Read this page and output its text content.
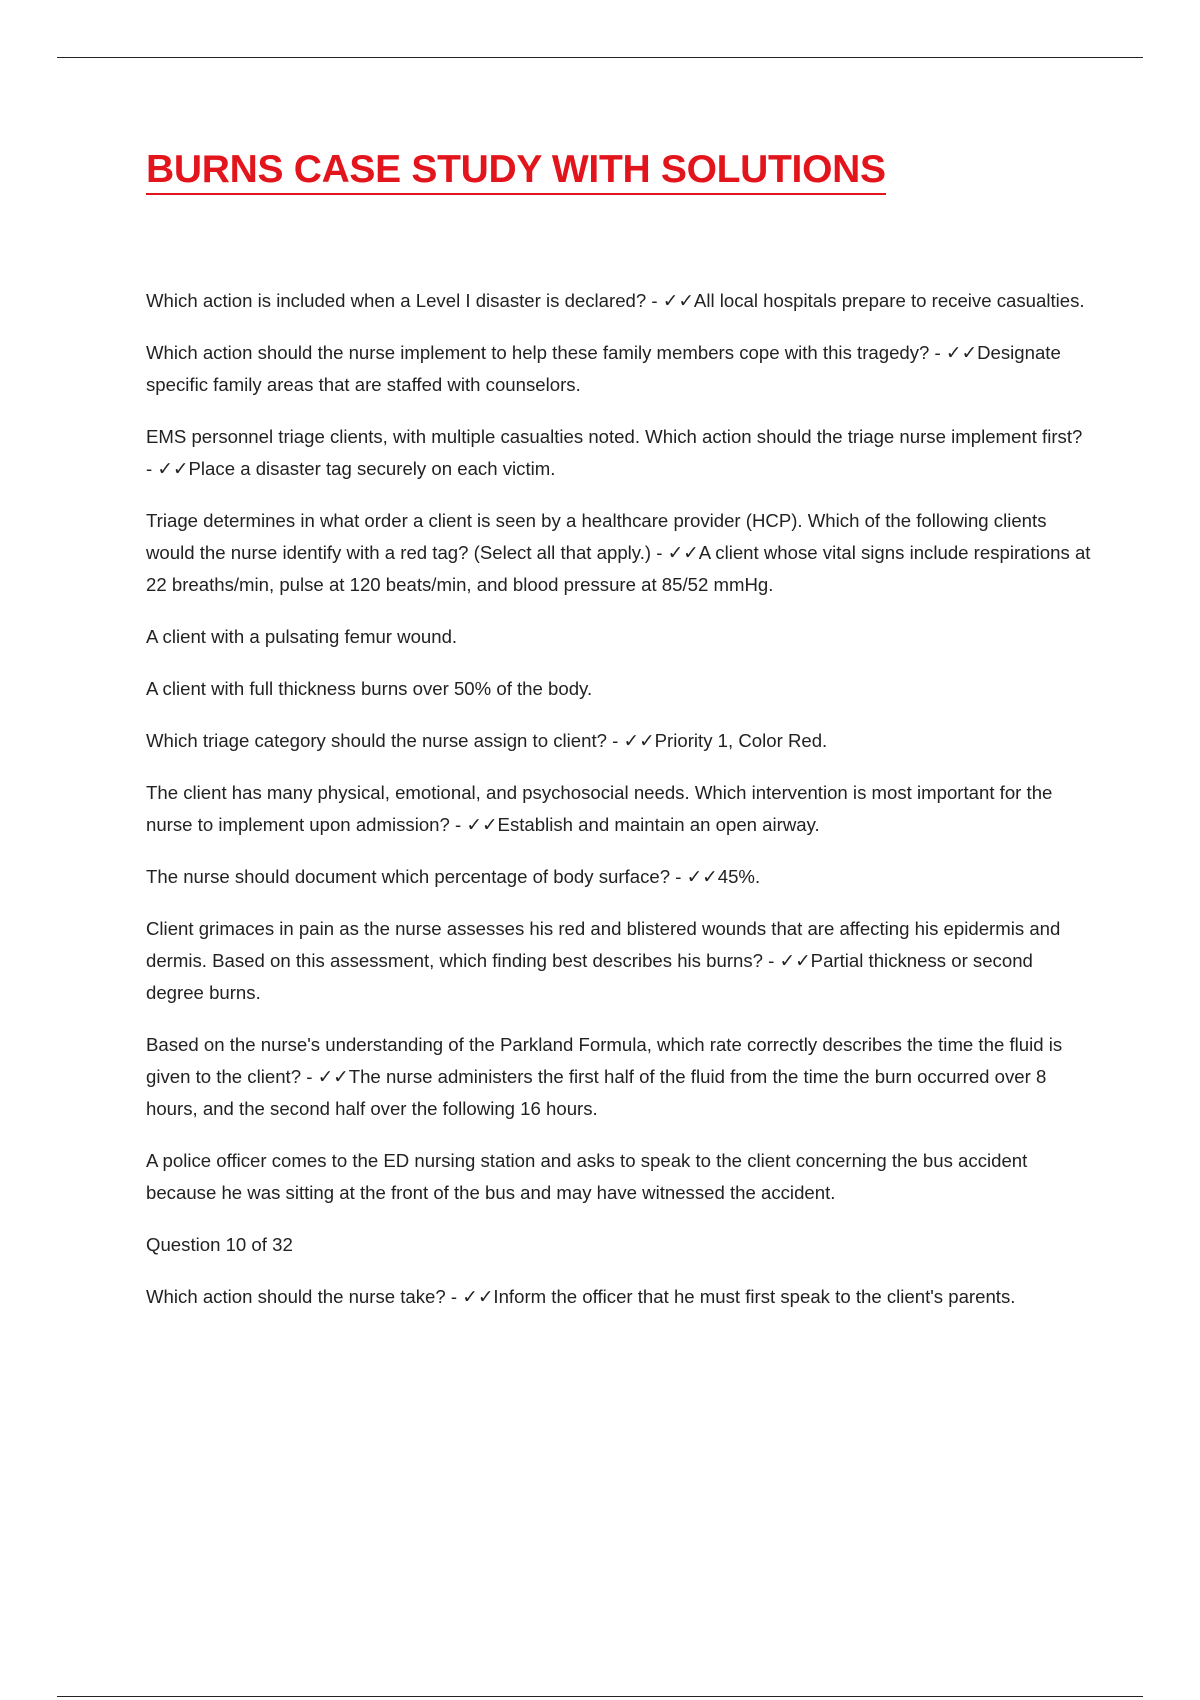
BURNS CASE STUDY WITH SOLUTIONS

Which action is included when a Level I disaster is declared? - ✓✓All local hospitals prepare to receive casualties.

Which action should the nurse implement to help these family members cope with this tragedy? - ✓✓Designate specific family areas that are staffed with counselors.

EMS personnel triage clients, with multiple casualties noted. Which action should the triage nurse implement first? - ✓✓Place a disaster tag securely on each victim.

Triage determines in what order a client is seen by a healthcare provider (HCP). Which of the following clients would the nurse identify with a red tag? (Select all that apply.) - ✓✓A client whose vital signs include respirations at 22 breaths/min, pulse at 120 beats/min, and blood pressure at 85/52 mmHg.

A client with a pulsating femur wound.

A client with full thickness burns over 50% of the body.

Which triage category should the nurse assign to client? - ✓✓Priority 1, Color Red.

The client has many physical, emotional, and psychosocial needs. Which intervention is most important for the nurse to implement upon admission? - ✓✓Establish and maintain an open airway.

The nurse should document which percentage of body surface? - ✓✓45%.

Client grimaces in pain as the nurse assesses his red and blistered wounds that are affecting his epidermis and dermis. Based on this assessment, which finding best describes his burns? - ✓✓Partial thickness or second degree burns.

Based on the nurse's understanding of the Parkland Formula, which rate correctly describes the time the fluid is given to the client? - ✓✓The nurse administers the first half of the fluid from the time the burn occurred over 8 hours, and the second half over the following 16 hours.

A police officer comes to the ED nursing station and asks to speak to the client concerning the bus accident because he was sitting at the front of the bus and may have witnessed the accident.

Question 10 of 32

Which action should the nurse take? - ✓✓Inform the officer that he must first speak to the client's parents.
